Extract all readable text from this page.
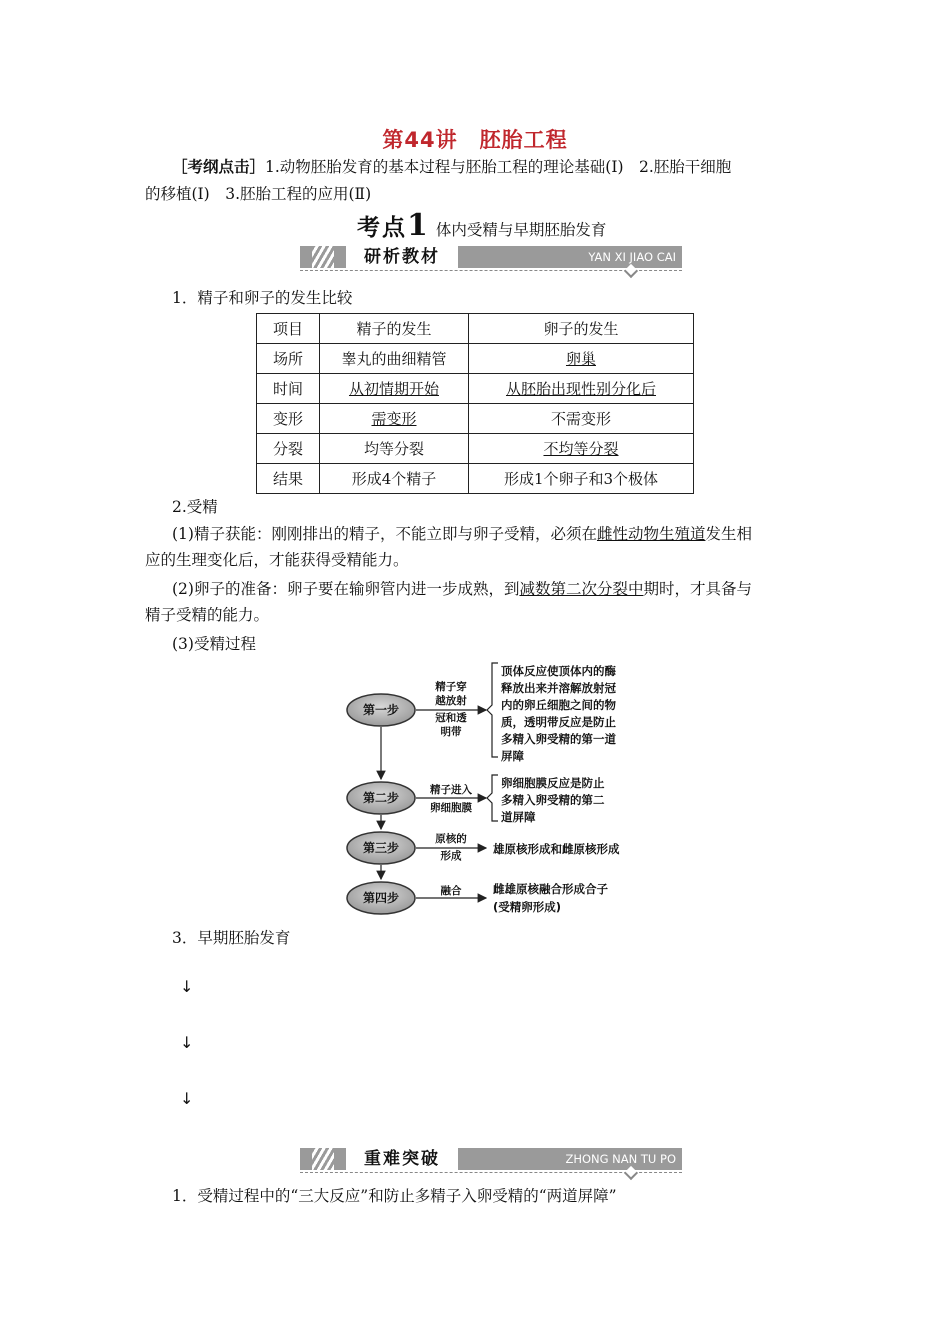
第44讲　胚胎工程
［考纲点击］1.动物胚胎发育的基本过程与胚胎工程的理论基础(Ⅰ)　2.胚胎干细胞
的移植(Ⅰ)　3.胚胎工程的应用(Ⅱ)
考点1 体内受精与早期胚胎发育
研析教材	YAN XI JIAO CAI
1．精子和卵子的发生比较
项目	精子的发生	卵子的发生
场所	睾丸的曲细精管	卵巢
时间	从初情期开始	从胚胎出现性别分化后
变形	需变形	不需变形
分裂	均等分裂	不均等分裂
结果	形成4个精子	形成1个卵子和3个极体
2.受精
(1)精子获能：刚刚排出的精子，不能立即与卵子受精，必须在雌性动物生殖道发生相
应的生理变化后，才能获得受精能力。
(2)卵子的准备：卵子要在输卵管内进一步成熟，到减数第二次分裂中期时，才具备与
精子受精的能力。
(3)受精过程
第一步
第二步
第三步
第四步
精子穿
越放射
冠和透
明带
顶体反应使顶体内的酶
释放出来并溶解放射冠
内的卵丘细胞之间的物
质，透明带反应是防止
多精入卵受精的第一道
屏障
精子进入
卵细胞膜
卵细胞膜反应是防止
多精入卵受精的第二
道屏障
原核的
形成	雄原核形成和雌原核形成
融合	雌雄原核融合形成合子
(受精卵形成)
3．早期胚胎发育
↓
↓
↓
重难突破	ZHONG NAN TU PO
1．受精过程中的“三大反应”和防止多精子入卵受精的“两道屏障”
